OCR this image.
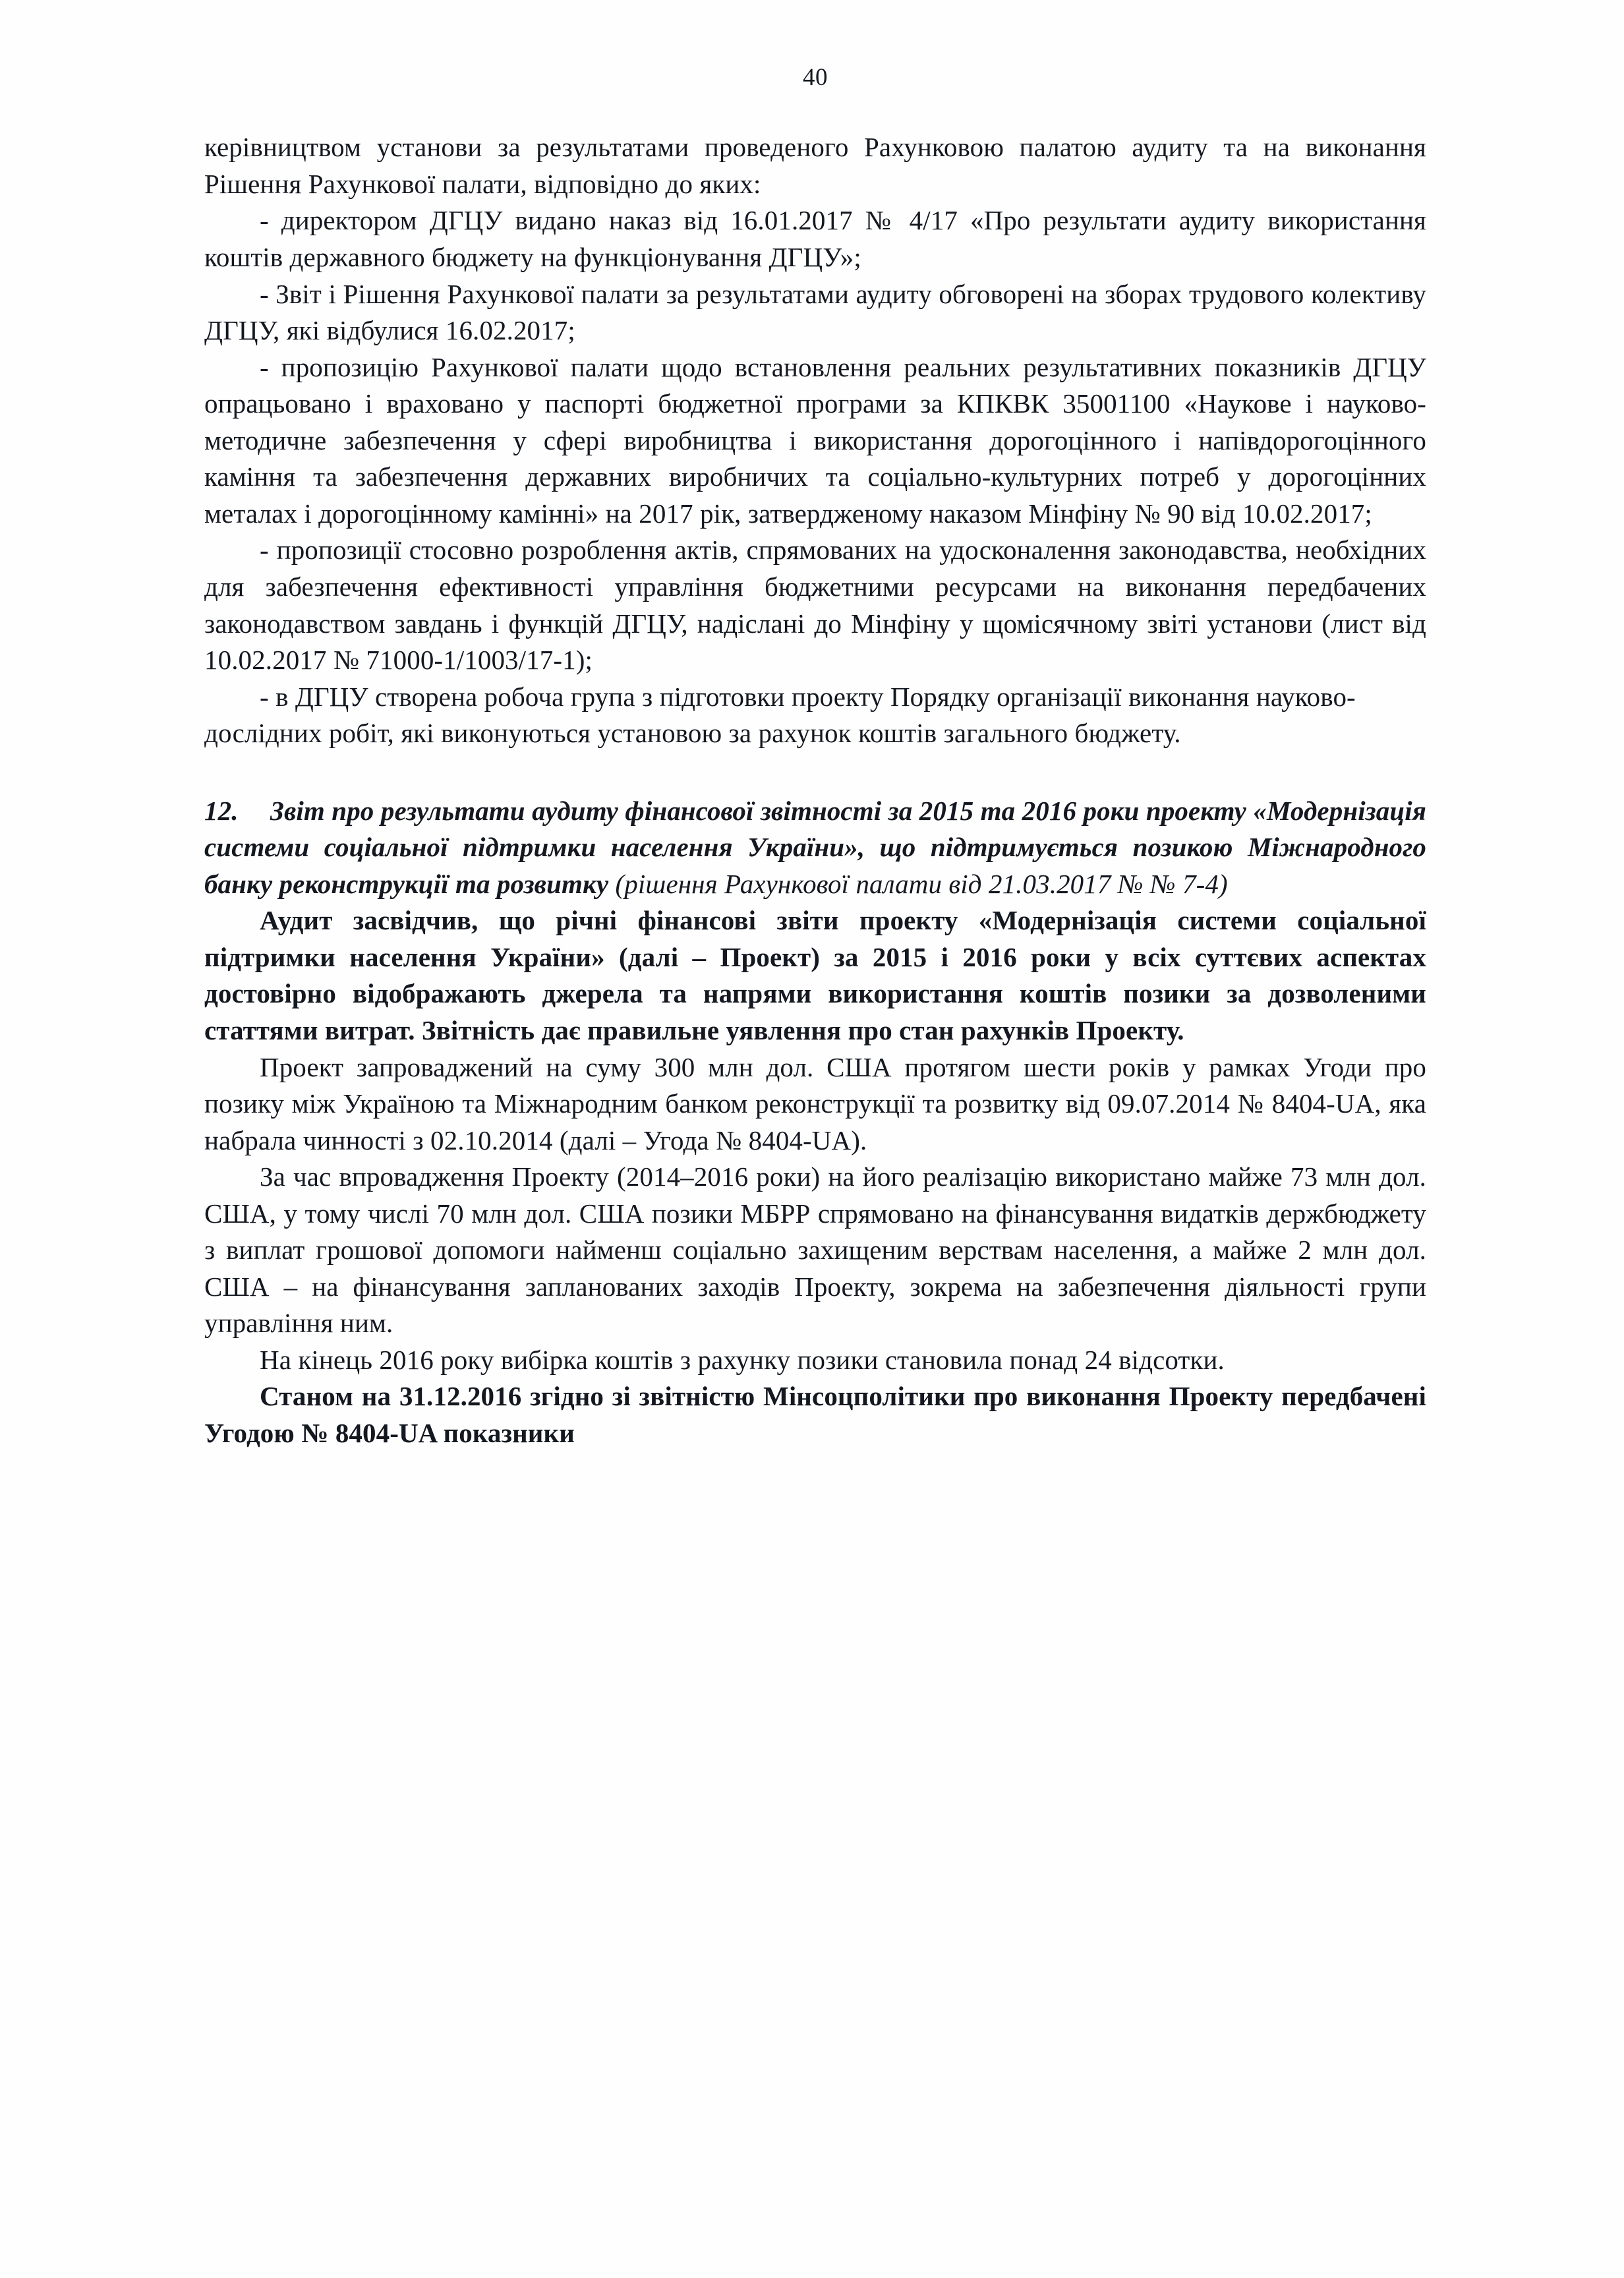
40

керівництвом установи за результатами проведеного Рахунковою палатою аудиту та на виконання Рішення Рахункової палати, відповідно до яких:

- директором ДГЦУ видано наказ від 16.01.2017 № 4/17 «Про результати аудиту використання коштів державного бюджету на функціонування ДГЦУ»;

- Звіт і Рішення Рахункової палати за результатами аудиту обговорені на зборах трудового колективу ДГЦУ, які відбулися 16.02.2017;

- пропозицію Рахункової палати щодо встановлення реальних результативних показників ДГЦУ опрацьовано і враховано у паспорті бюджетної програми за КПКВК 35001100 «Наукове і науково-методичне забезпечення у сфері виробництва і використання дорогоцінного і напівдорогоцінного каміння та забезпечення державних виробничих та соціально-культурних потреб у дорогоцінних металах і дорогоцінному камінні» на 2017 рік, затвердженому наказом Мінфіну № 90 від 10.02.2017;

- пропозиції стосовно розроблення актів, спрямованих на удосконалення законодавства, необхідних для забезпечення ефективності управління бюджетними ресурсами на виконання передбачених законодавством завдань і функцій ДГЦУ, надіслані до Мінфіну у щомісячному звіті установи (лист від 10.02.2017 № 71000-1/1003/17-1);

- в ДГЦУ створена робоча група з підготовки проекту Порядку організації виконання науково-дослідних робіт, які виконуються установою за рахунок коштів загального бюджету.

12. Звіт про результати аудиту фінансової звітності за 2015 та 2016 роки проекту «Модернізація системи соціальної підтримки населення України», що підтримується позикою Міжнародного банку реконструкції та розвитку (рішення Рахункової палати від 21.03.2017 № № 7-4)

Аудит засвідчив, що річні фінансові звіти проекту «Модернізація системи соціальної підтримки населення України» (далі – Проект) за 2015 і 2016 роки у всіх суттєвих аспектах достовірно відображають джерела та напрями використання коштів позики за дозволеними статтями витрат. Звітність дає правильне уявлення про стан рахунків Проекту.

Проект запроваджений на суму 300 млн дол. США протягом шести років у рамках Угоди про позику між Україною та Міжнародним банком реконструкції та розвитку від 09.07.2014 № 8404-UA, яка набрала чинності з 02.10.2014 (далі – Угода № 8404-UA).

За час впровадження Проекту (2014–2016 роки) на його реалізацію використано майже 73 млн дол. США, у тому числі 70 млн дол. США позики МБРР спрямовано на фінансування видатків держбюджету з виплат грошової допомоги найменш соціально захищеним верствам населення, а майже 2 млн дол. США – на фінансування запланованих заходів Проекту, зокрема на забезпечення діяльності групи управління ним.

На кінець 2016 року вибірка коштів з рахунку позики становила понад 24 відсотки.

Станом на 31.12.2016 згідно зі звітністю Мінсоцполітики про виконання Проекту передбачені Угодою № 8404-UA показники
